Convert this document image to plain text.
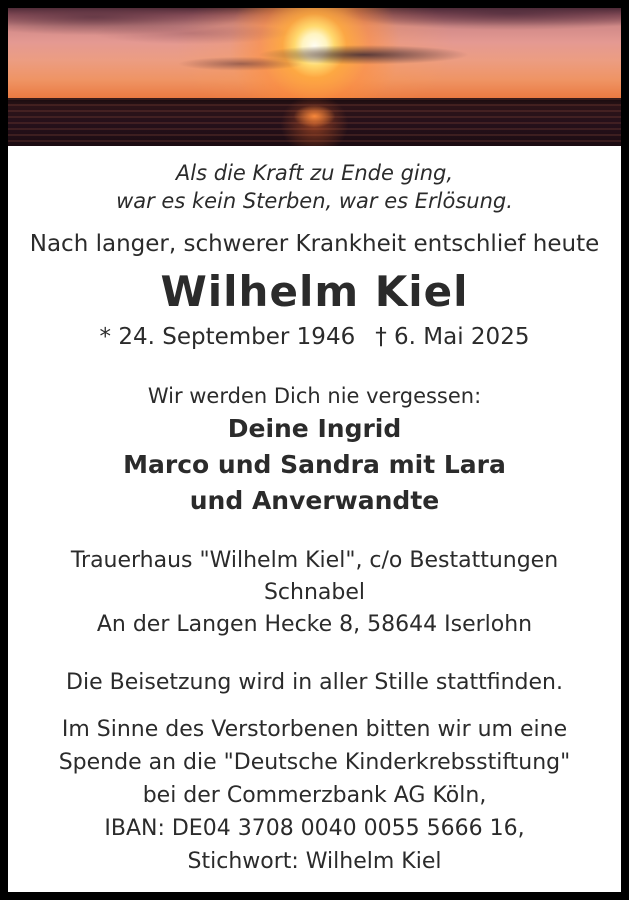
Als die Kraft zu Ende ging,
war es kein Sterben, war es Erlösung.
Nach langer, schwerer Krankheit entschlief heute
Wilhelm Kiel
* 24. September 1946 † 6. Mai 2025
Wir werden Dich nie vergessen:
Deine Ingrid
Marco und Sandra mit Lara
und Anverwandte
Trauerhaus "Wilhelm Kiel", c/o Bestattungen
Schnabel
An der Langen Hecke 8, 58644 Iserlohn
Die Beisetzung wird in aller Stille stattfinden.
Im Sinne des Verstorbenen bitten wir um eine
Spende an die "Deutsche Kinderkrebsstiftung"
bei der Commerzbank AG Köln,
IBAN: DE04 3708 0040 0055 5666 16,
Stichwort: Wilhelm Kiel
